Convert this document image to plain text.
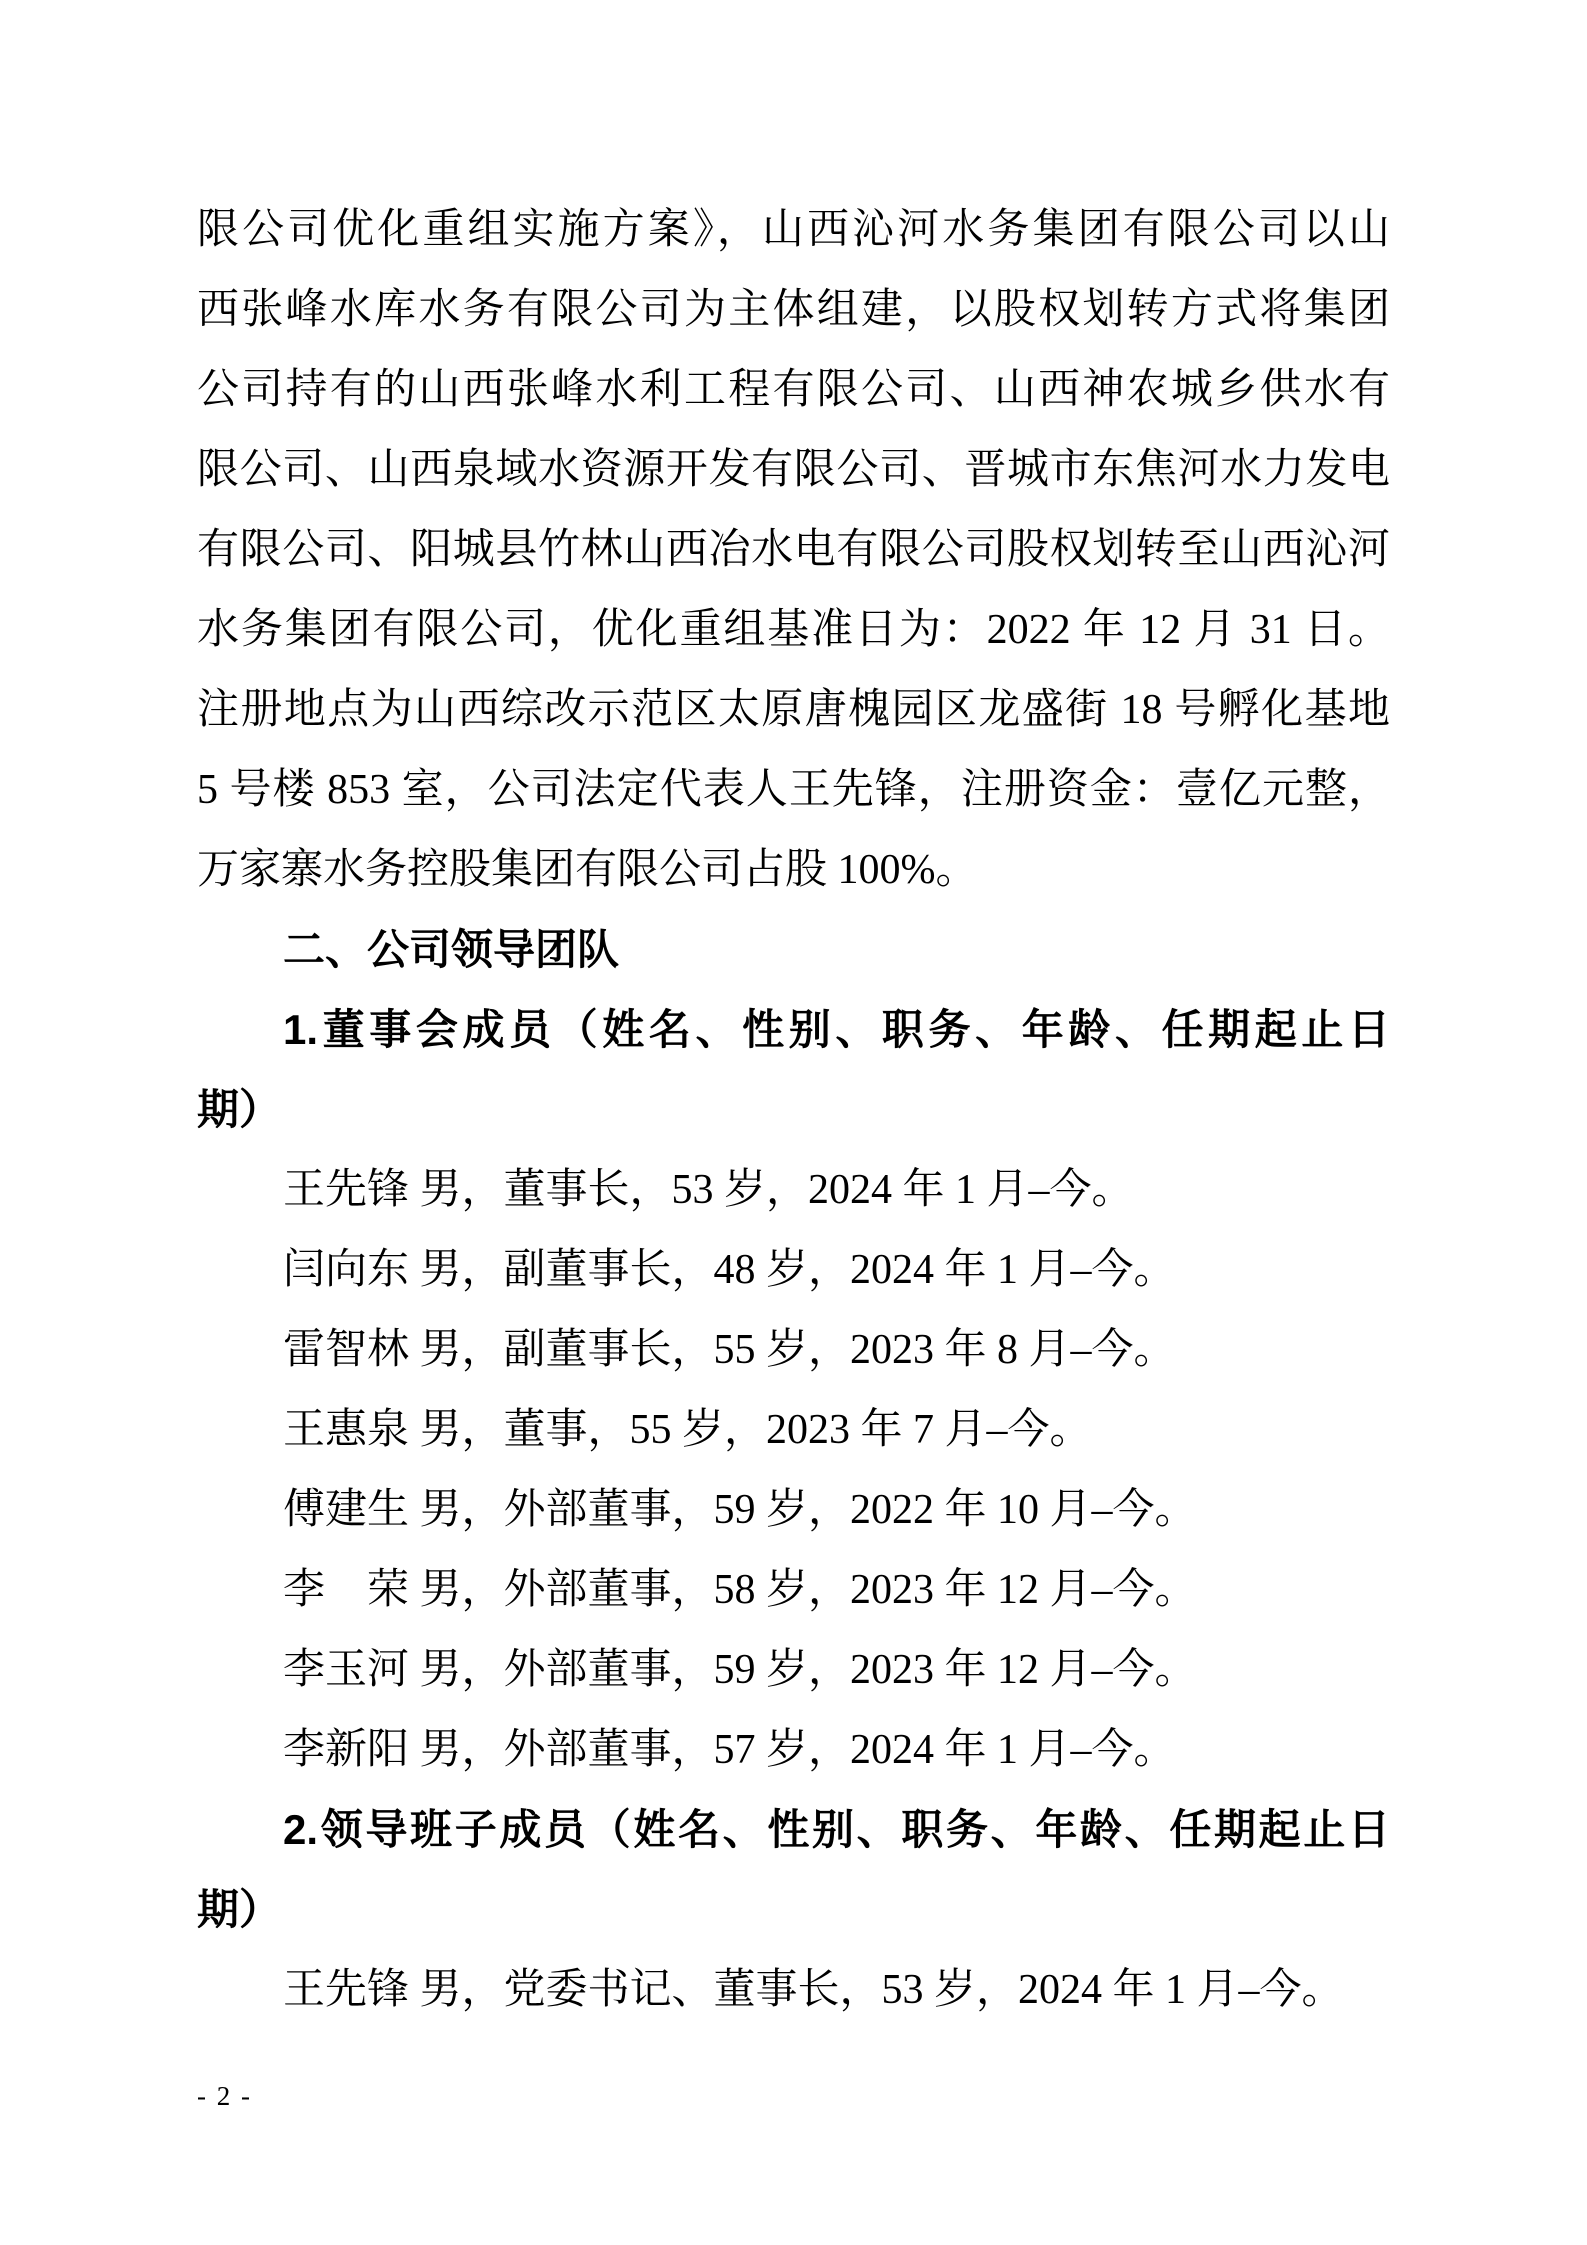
限公司优化重组实施方案》，山西沁河水务集团有限公司以山
西张峰水库水务有限公司为主体组建，以股权划转方式将集团
公司持有的山西张峰水利工程有限公司、山西神农城乡供水有
限公司、山西泉域水资源开发有限公司、晋城市东焦河水力发电
有限公司、阳城县竹林山西冶水电有限公司股权划转至山西沁河
水务集团有限公司，优化重组基准日为：2022 年 12 月 31 日。
注册地点为山西综改示范区太原唐槐园区龙盛街 18 号孵化基地
5 号楼 853 室，公司法定代表人王先锋，注册资金：壹亿元整，
万家寨水务控股集团有限公司占股 100%。
二、公司领导团队
1.董事会成员（姓名、性别、职务、年龄、任期起止日
期）
王先锋 男，董事长，53 岁，2024 年 1 月–今。
闫向东 男，副董事长，48 岁，2024 年 1 月–今。
雷智林 男，副董事长，55 岁，2023 年 8 月–今。
王惠泉 男，董事，55 岁，2023 年 7 月–今。
傅建生 男，外部董事，59 岁，2022 年 10 月–今。
李　荣 男，外部董事，58 岁，2023 年 12 月–今。
李玉河 男，外部董事，59 岁，2023 年 12 月–今。
李新阳 男，外部董事，57 岁，2024 年 1 月–今。
2.领导班子成员（姓名、性别、职务、年龄、任期起止日
期）
王先锋 男，党委书记、董事长，53 岁，2024 年 1 月–今。
- 2 -
